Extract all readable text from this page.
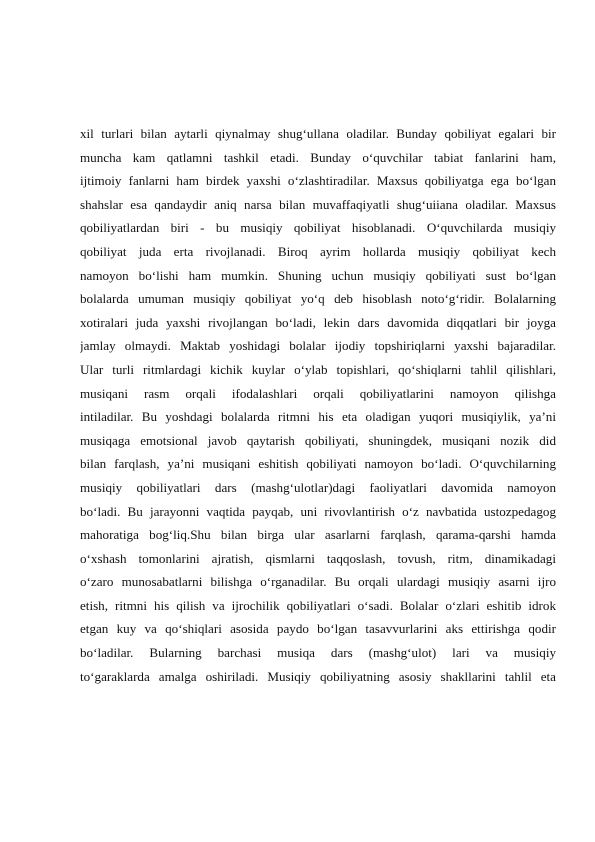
xil turlari bilan aytarli qiynalmay shug‘ullana oladilar. Bunday qobiliyat egalari bir
muncha kam qatlamni tashkil etadi. Bunday o‘quvchilar tabiat fanlarini ham,
ijtimoiy fanlarni ham birdek yaxshi o‘zlashtiradilar. Maxsus qobiliyatga ega bo‘lgan
shahslar esa qandaydir aniq narsa bilan muvaffaqiyatli shug‘uiiana oladilar. Maxsus
qobiliyatlardan biri - bu musiqiy qobiliyat hisoblanadi. O‘quvchilarda musiqiy
qobiliyat juda erta rivojlanadi. Biroq ayrim hollarda musiqiy qobiliyat kech
namoyon bo‘lishi ham mumkin. Shuning uchun musiqiy qobiliyati sust bo‘lgan
bolalarda umuman musiqiy qobiliyat yo‘q deb hisoblash noto‘g‘ridir. Bolalarning
xotiralari juda yaxshi rivojlangan bo‘ladi, lekin dars davomida diqqatlari bir joyga
jamlay olmaydi. Maktab yoshidagi bolalar ijodiy topshiriqlarni yaxshi bajaradilar.
Ular turli ritmlardagi kichik kuylar o‘ylab topishlari, qo‘shiqlarni tahlil qilishlari,
musiqani rasm orqali ifodalashlari orqali qobiliyatlarini namoyon qilishga
intiladilar. Bu yoshdagi bolalarda ritmni his eta oladigan yuqori musiqiylik, ya’ni
musiqaga emotsional javob qaytarish qobiliyati, shuningdek, musiqani nozik did
bilan farqlash, ya’ni musiqani eshitish qobiliyati namoyon bo‘ladi. O‘quvchilarning
musiqiy qobiliyatlari dars (mashg‘ulotlar)dagi faoliyatlari davomida namoyon
bo‘ladi. Bu jarayonni vaqtida payqab, uni rivovlantirish o‘z navbatida ustozpedagog
mahoratiga bog‘liq.Shu bilan birga ular asarlarni farqlash, qarama-qarshi hamda
o‘xshash tomonlarini ajratish, qismlarni taqqoslash, tovush, ritm, dinamikadagi
o‘zaro munosabatlarni bilishga o‘rganadilar. Bu orqali ulardagi musiqiy asarni ijro
etish, ritmni his qilish va ijrochilik qobiliyatlari o‘sadi. Bolalar o‘zlari eshitib idrok
etgan kuy va qo‘shiqlari asosida paydo bo‘lgan tasavvurlarini aks ettirishga qodir
bo‘ladilar. Bularning barchasi musiqa dars (mashg‘ulot) lari va musiqiy
to‘garaklarda amalga oshiriladi. Musiqiy qobiliyatning asosiy shakllarini tahlil eta
